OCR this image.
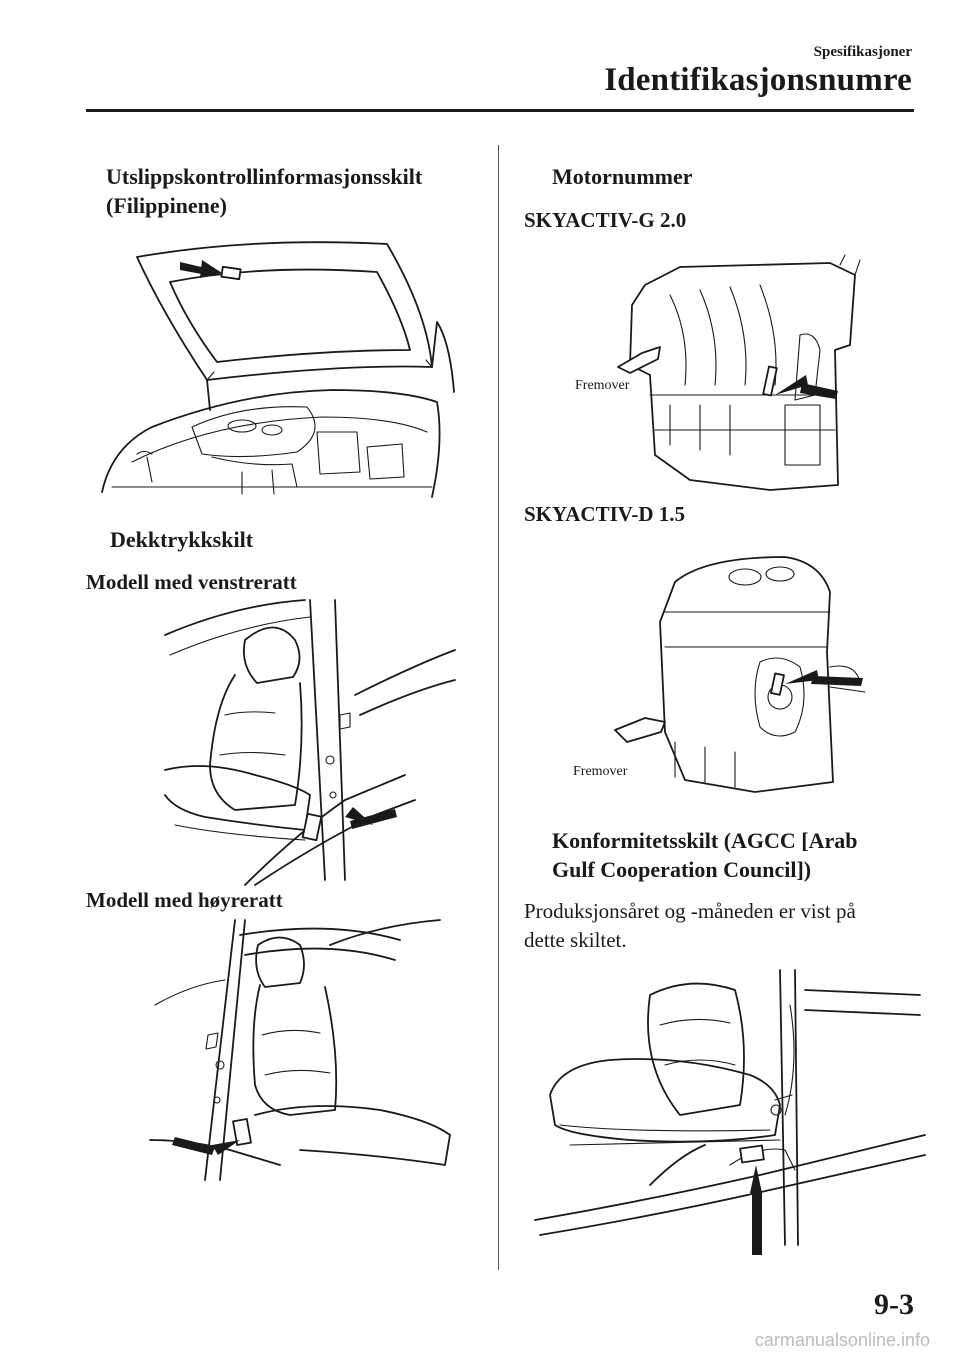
Spesifikasjoner
Identifikasjonsnumre
Utslippskontrollinformasjonsskilt
(Filippinene)
Dekktrykkskilt
Modell med venstreratt
Modell med høyreratt
Motornummer
SKYACTIV-G 2.0
Fremover
SKYACTIV-D 1.5
Fremover
Konformitetsskilt (AGCC [Arab
Gulf Cooperation Council])
Produksjonsåret og -måneden er vist på
dette skiltet.
9-3
carmanualsonline.info
